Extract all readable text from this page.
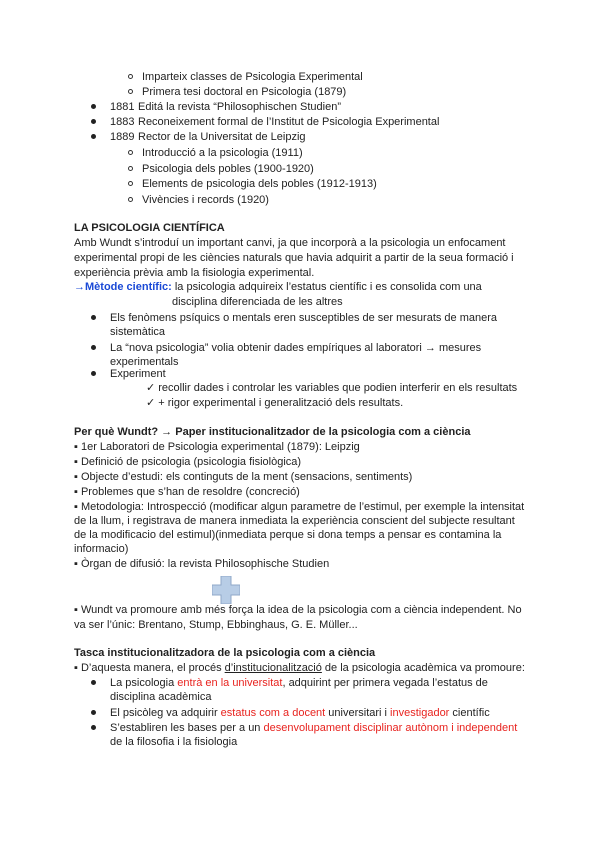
Imparteix classes de Psicologia Experimental
Primera tesi doctoral en Psicologia (1879)
1881 Editá la revista “Philosophischen Studien”
1883 Reconeixement formal de l’Institut de Psicologia Experimental
1889 Rector de la Universitat de Leipzig
Introducció a la psicologia (1911)
Psicologia dels pobles (1900-1920)
Elements de psicologia dels pobles (1912-1913)
Vivències i records (1920)
LA PSICOLOGIA CIENTÍFICA
Amb Wundt s’introduí un important canvi, ja que incorporà a la psicologia un enfocament
experimental propi de les ciències naturals que havia adquirit a partir de la seua formació i
experiència prèvia amb la fisiologia experimental.
→Mètode científic: la psicologia adquireix l’estatus científic i es consolida com una
disciplina diferenciada de les altres
Els fenòmens psíquics o mentals eren susceptibles de ser mesurats de manera
sistemàtica
La “nova psicologia” volia obtenir dades empíriques al laboratori → mesures
experimentals
Experiment
✓ recollir dades i controlar les variables que podien interferir en els resultats
✓ + rigor experimental i generalització dels resultats.
Per què Wundt? → Paper institucionalitzador de la psicologia com a ciència
▪ 1er Laboratori de Psicologia experimental (1879): Leipzig
▪ Definició de psicologia (psicologia fisiològica)
▪ Objecte d’estudi: els continguts de la ment (sensacions, sentiments)
▪ Problemes que s’han de resoldre (concreció)
▪ Metodologia: Introspecció (modificar algun parametre de l’estimul, per exemple la intensitat
de la llum, i registrava de manera inmediata la experiència conscient del subjecte resultant
de la modificacio del estimul)(inmediata perque si dona temps a pensar es contamina la
informacio)
▪ Òrgan de difusió: la revista Philosophische Studien
▪ Wundt va promoure amb més força la idea de la psicologia com a ciència independent. No
va ser l’únic: Brentano, Stump, Ebbinghaus, G. E. Müller...
Tasca institucionalitzadora de la psicologia com a ciència
▪ D’aquesta manera, el procés d’institucionalització de la psicologia acadèmica va promoure:
La psicologia entrà en la universitat, adquirint per primera vegada l’estatus de
disciplina acadèmica
El psicòleg va adquirir estatus com a docent universitari i investigador científic
S’establiren les bases per a un desenvolupament disciplinar autònom i independent
de la filosofia i la fisiologia
